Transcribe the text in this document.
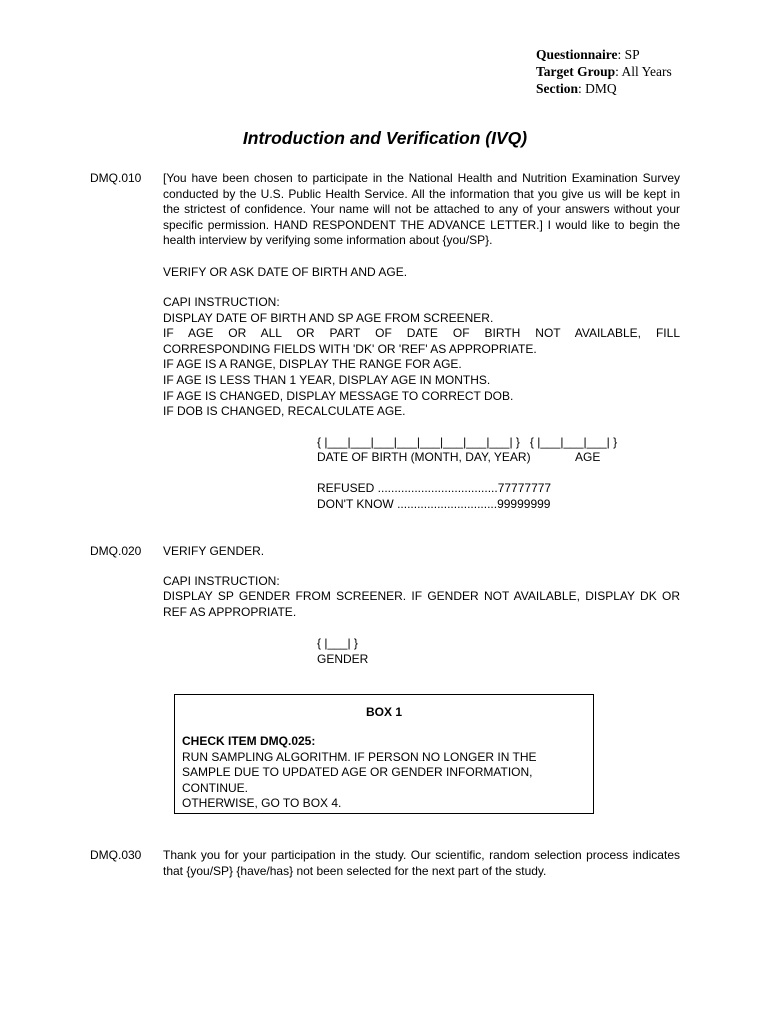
Questionnaire: SP
Target Group: All Years
Section: DMQ
Introduction and Verification (IVQ)
DMQ.010 [You have been chosen to participate in the National Health and Nutrition Examination Survey conducted by the U.S. Public Health Service. All the information that you give us will be kept in the strictest of confidence. Your name will not be attached to any of your answers without your specific permission. HAND RESPONDENT THE ADVANCE LETTER.] I would like to begin the health interview by verifying some information about {you/SP}.
VERIFY OR ASK DATE OF BIRTH AND AGE.
CAPI INSTRUCTION:
DISPLAY DATE OF BIRTH AND SP AGE FROM SCREENER.
IF AGE OR ALL OR PART OF DATE OF BIRTH NOT AVAILABLE, FILL
CORRESPONDING FIELDS WITH 'DK' OR 'REF' AS APPROPRIATE.
IF AGE IS A RANGE, DISPLAY THE RANGE FOR AGE.
IF AGE IS LESS THAN 1 YEAR, DISPLAY AGE IN MONTHS.
IF AGE IS CHANGED, DISPLAY MESSAGE TO CORRECT DOB.
IF DOB IS CHANGED, RECALCULATE AGE.
{ |___|___|___|___|___|___|___|___| }   { |___|___|___| }
DATE OF BIRTH (MONTH, DAY, YEAR)	AGE
REFUSED ....................................77777777
DON'T KNOW ..............................99999999
DMQ.020 VERIFY GENDER.
CAPI INSTRUCTION:
DISPLAY SP GENDER FROM SCREENER. IF GENDER NOT AVAILABLE, DISPLAY DK OR REF AS APPROPRIATE.
{ |___| }
GENDER
BOX 1
CHECK ITEM DMQ.025:
RUN SAMPLING ALGORITHM. IF PERSON NO LONGER IN THE
SAMPLE DUE TO UPDATED AGE OR GENDER INFORMATION,
CONTINUE.
OTHERWISE, GO TO BOX 4.
DMQ.030 Thank you for your participation in the study. Our scientific, random selection process indicates that {you/SP} {have/has} not been selected for the next part of the study.
